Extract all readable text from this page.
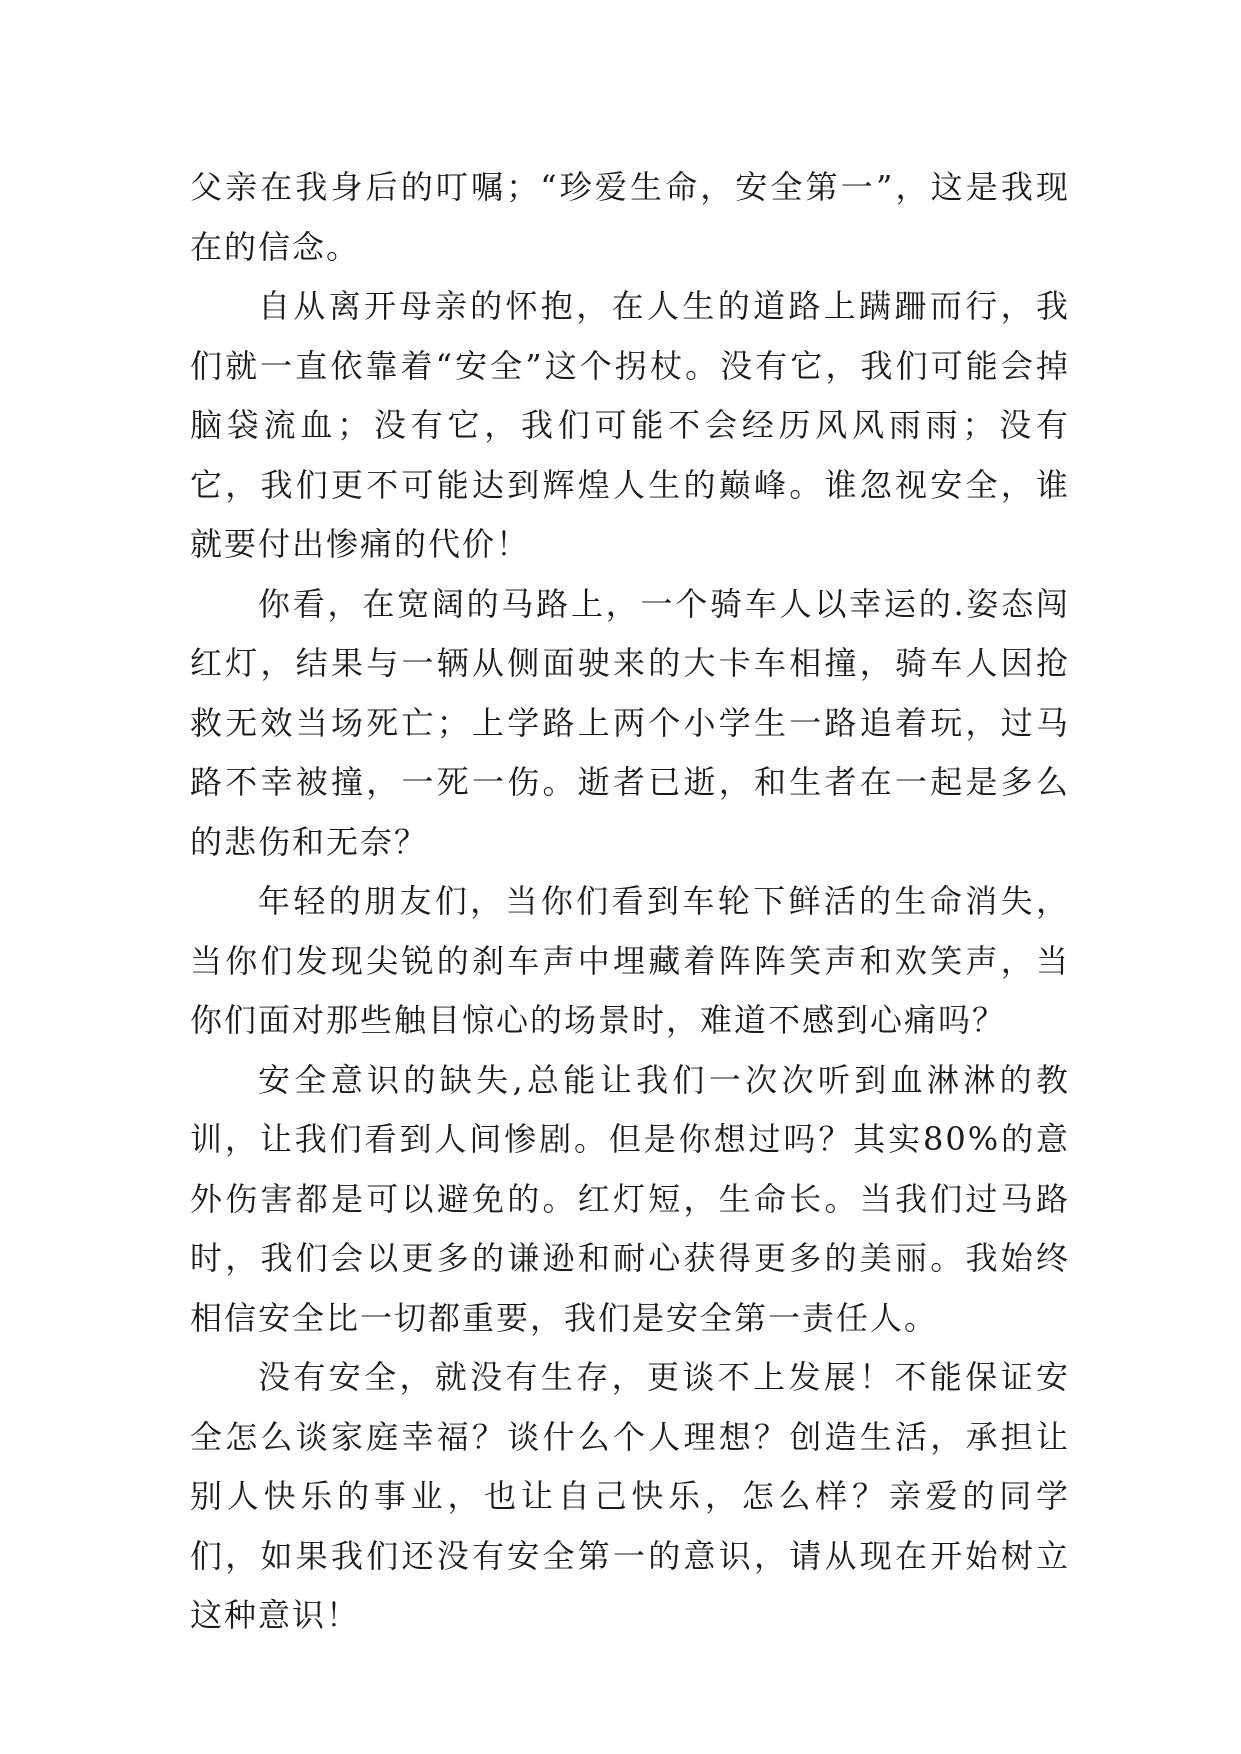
父亲在我身后的叮嘱；“珍爱生命，安全第一”，这是我现在的信念。

自从离开母亲的怀抱，在人生的道路上蹒跚而行，我们就一直依靠着“安全”这个拐杖。没有它，我们可能会掉脑袋流血；没有它，我们可能不会经历风风雨雨；没有它，我们更不可能达到辉煌人生的巅峰。谁忽视安全，谁就要付出惨痛的代价！

你看，在宽阔的马路上，一个骑车人以幸运的.姿态闯红灯，结果与一辆从侧面驶来的大卡车相撞，骑车人因抢救无效当场死亡；上学路上两个小学生一路追着玩，过马路不幸被撞，一死一伤。逝者已逝，和生者在一起是多么的悲伤和无奈？

年轻的朋友们，当你们看到车轮下鲜活的生命消失，当你们发现尖锐的刹车声中埋藏着阵阵笑声和欢笑声，当你们面对那些触目惊心的场景时，难道不感到心痛吗？

安全意识的缺失,总能让我们一次次听到血淋淋的教训，让我们看到人间惨剧。但是你想过吗？其实80%的意外伤害都是可以避免的。红灯短，生命长。当我们过马路时，我们会以更多的谦逊和耐心获得更多的美丽。我始终相信安全比一切都重要，我们是安全第一责任人。

没有安全，就没有生存，更谈不上发展！不能保证安全怎么谈家庭幸福？谈什么个人理想？创造生活，承担让别人快乐的事业，也让自己快乐，怎么样？亲爱的同学们，如果我们还没有安全第一的意识，请从现在开始树立这种意识！
